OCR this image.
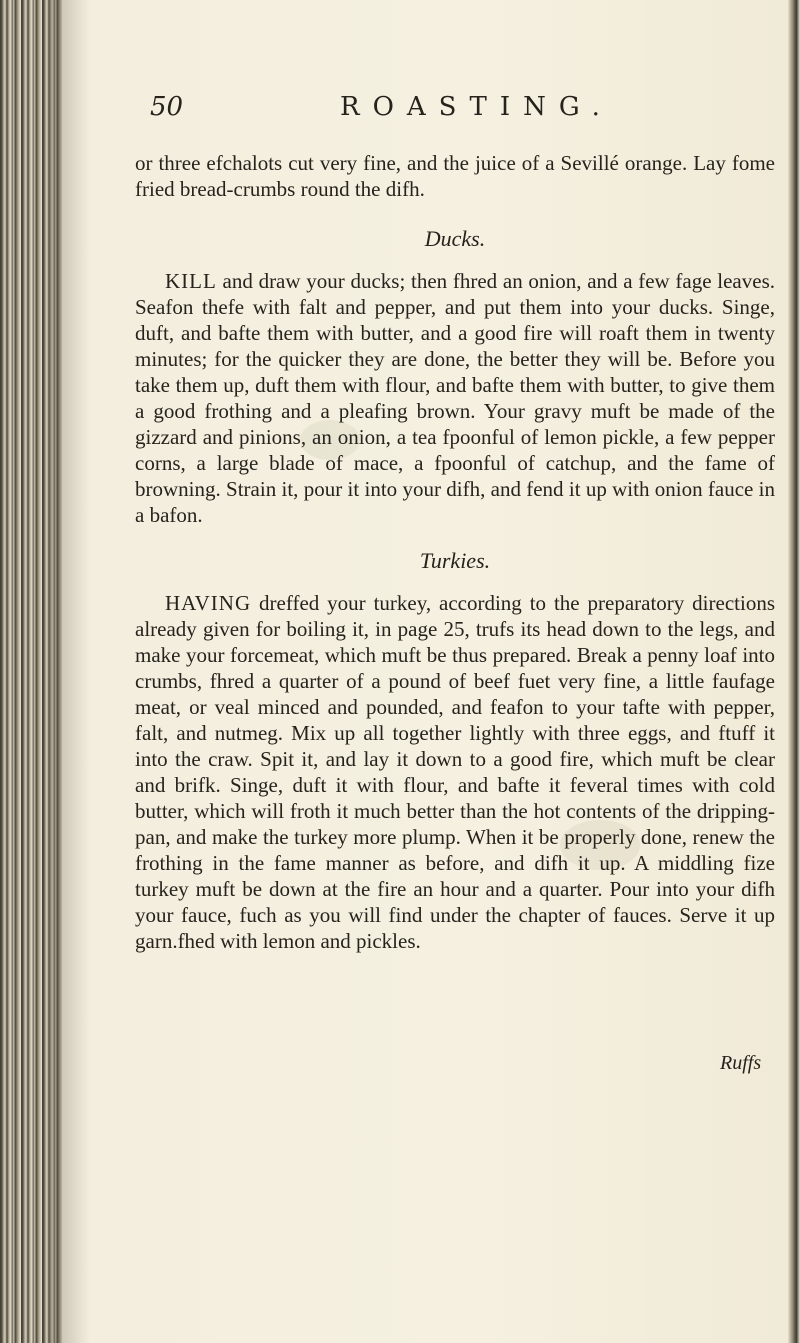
50	ROASTING.

or three efchalots cut very fine, and the juice of a Sevillé orange. Lay fome fried bread-crumbs round the difh.

Ducks.

KILL and draw your ducks; then fhred an onion, and a few fage leaves. Seafon thefe with falt and pepper, and put them into your ducks. Singe, duft, and bafte them with butter, and a good fire will roaft them in twenty minutes; for the quicker they are done, the better they will be. Before you take them up, duft them with flour, and bafte them with butter, to give them a good frothing and a pleafing brown. Your gravy muft be made of the gizzard and pinions, an onion, a tea fpoonful of lemon pickle, a few pepper corns, a large blade of mace, a fpoonful of catchup, and the fame of browning. Strain it, pour it into your difh, and fend it up with onion fauce in a bafon.

Turkies.

HAVING dreffed your turkey, according to the preparatory directions already given for boiling it, in page 25, trufs its head down to the legs, and make your forcemeat, which muft be thus prepared. Break a penny loaf into crumbs, fhred a quarter of a pound of beef fuet very fine, a little faufage meat, or veal minced and pounded, and feafon to your tafte with pepper, falt, and nutmeg. Mix up all together lightly with three eggs, and ftuff it into the craw. Spit it, and lay it down to a good fire, which muft be clear and brifk. Singe, duft it with flour, and bafte it feveral times with cold butter, which will froth it much better than the hot contents of the dripping-pan, and make the turkey more plump. When it be properly done, renew the frothing in the fame manner as before, and difh it up. A middling fize turkey muft be down at the fire an hour and a quarter. Pour into your difh your fauce, fuch as you will find under the chapter of fauces. Serve it up garn.fhed with lemon and pickles.

Ruffs
